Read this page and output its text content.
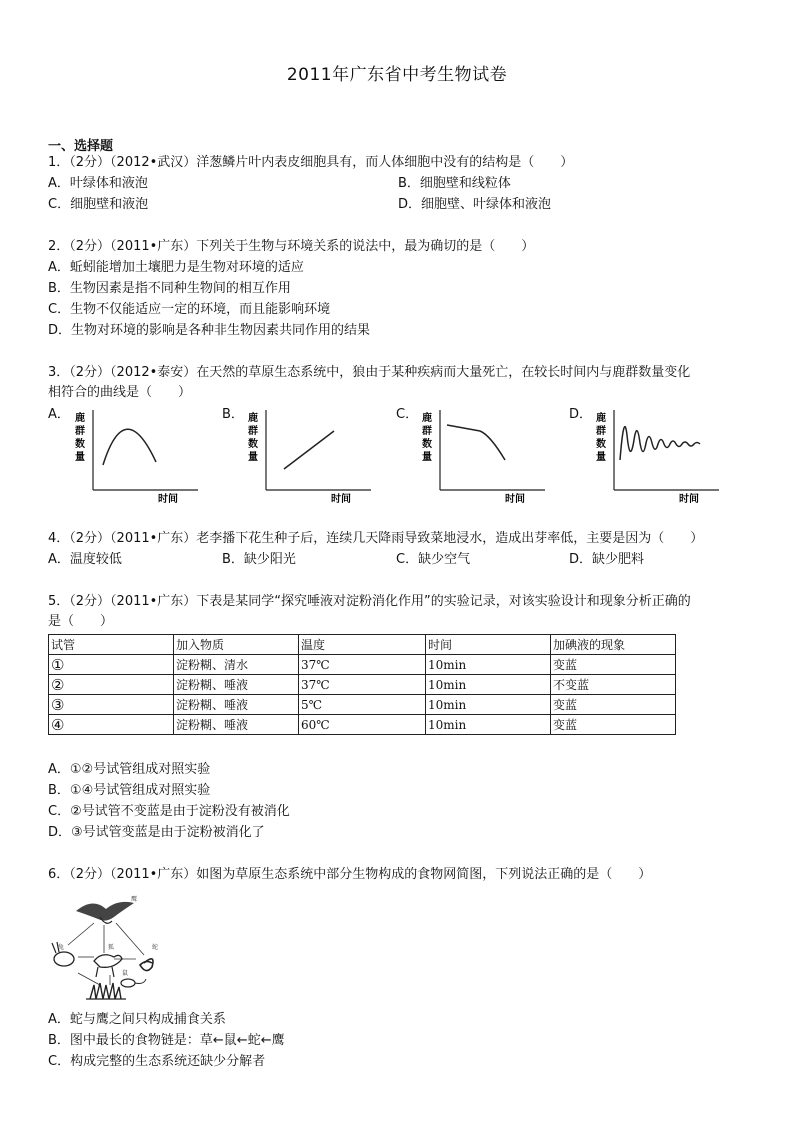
2011年广东省中考生物试卷
一、选择题
1．（2分）（2012•武汉）洋葱鳞片叶内表皮细胞具有，而人体细胞中没有的结构是（　　）
A．叶绿体和液泡	B．细胞壁和线粒体
C．细胞壁和液泡	D．细胞壁、叶绿体和液泡
2．（2分）（2011•广东）下列关于生物与环境关系的说法中，最为确切的是（　　）
A．蚯蚓能增加土壤肥力是生物对环境的适应
B．生物因素是指不同种生物间的相互作用
C．生物不仅能适应一定的环境，而且能影响环境
D．生物对环境的影响是各种非生物因素共同作用的结果
3．（2分）（2012•泰安）在天然的草原生态系统中，狼由于某种疾病而大量死亡，在较长时间内与鹿群数量变化
相符合的曲线是（　　）
A．	B．	C．	D．
鹿
群
数
量
时间
鹿
群
数
量
时间
鹿
群
数
量
时间
鹿
群
数
量
时间
4．（2分）（2011•广东）老李播下花生种子后，连续几天降雨导致菜地浸水，造成出芽率低，主要是因为（　　）
A．温度较低	B．缺少阳光	C．缺少空气	D．缺少肥料
5．（2分）（2011•广东）下表是某同学“探究唾液对淀粉消化作用”的实验记录，对该实验设计和现象分析正确的
是（　　）
试管	加入物质	温度	时间	加碘液的现象
①	淀粉糊、清水	37℃	10min	变蓝
②	淀粉糊、唾液	37℃	10min	不变蓝
③	淀粉糊、唾液	5℃	10min	变蓝
④	淀粉糊、唾液	60℃	10min	变蓝
A．①②号试管组成对照实验
B．①④号试管组成对照实验
C．②号试管不变蓝是由于淀粉没有被消化
D．③号试管变蓝是由于淀粉被消化了
6．（2分）（2011•广东）如图为草原生态系统中部分生物构成的食物网简图，下列说法正确的是（　　）
鹰
兔	狐	蛇
鼠
A．蛇与鹰之间只构成捕食关系
B．图中最长的食物链是：草←鼠←蛇←鹰
C．构成完整的生态系统还缺少分解者
